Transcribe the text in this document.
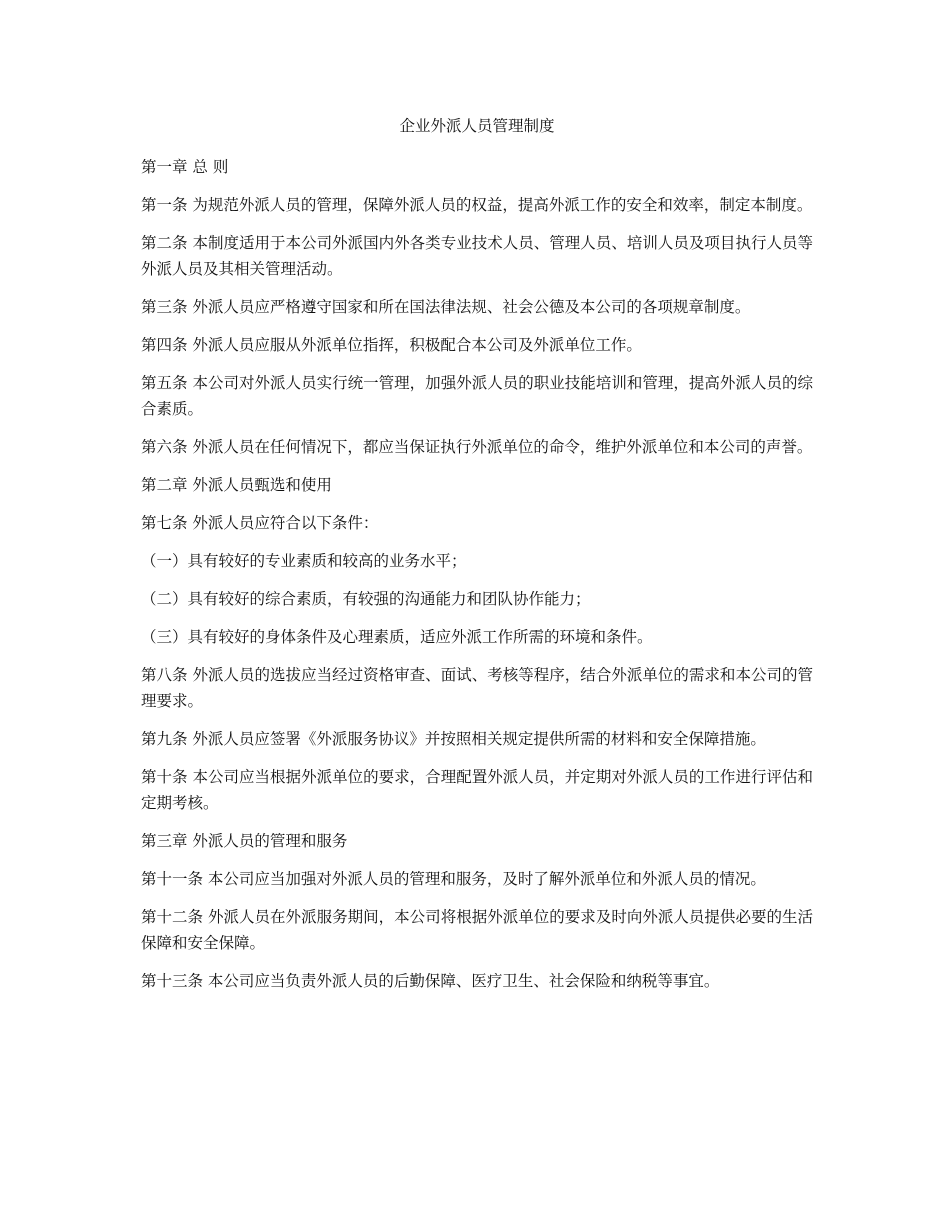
企业外派人员管理制度

第一章 总 则

第一条 为规范外派人员的管理，保障外派人员的权益，提高外派工作的安全和效率，制定本制度。

第二条 本制度适用于本公司外派国内外各类专业技术人员、管理人员、培训人员及项目执行人员等外派人员及其相关管理活动。

第三条 外派人员应严格遵守国家和所在国法律法规、社会公德及本公司的各项规章制度。

第四条 外派人员应服从外派单位指挥，积极配合本公司及外派单位工作。

第五条 本公司对外派人员实行统一管理，加强外派人员的职业技能培训和管理，提高外派人员的综合素质。

第六条 外派人员在任何情况下，都应当保证执行外派单位的命令，维护外派单位和本公司的声誉。

第二章 外派人员甄选和使用

第七条 外派人员应符合以下条件：

（一）具有较好的专业素质和较高的业务水平；

（二）具有较好的综合素质，有较强的沟通能力和团队协作能力；

（三）具有较好的身体条件及心理素质，适应外派工作所需的环境和条件。

第八条 外派人员的选拔应当经过资格审查、面试、考核等程序，结合外派单位的需求和本公司的管理要求。

第九条 外派人员应签署《外派服务协议》并按照相关规定提供所需的材料和安全保障措施。

第十条 本公司应当根据外派单位的要求，合理配置外派人员，并定期对外派人员的工作进行评估和定期考核。

第三章 外派人员的管理和服务

第十一条 本公司应当加强对外派人员的管理和服务，及时了解外派单位和外派人员的情况。

第十二条 外派人员在外派服务期间，本公司将根据外派单位的要求及时向外派人员提供必要的生活保障和安全保障。

第十三条 本公司应当负责外派人员的后勤保障、医疗卫生、社会保险和纳税等事宜。
